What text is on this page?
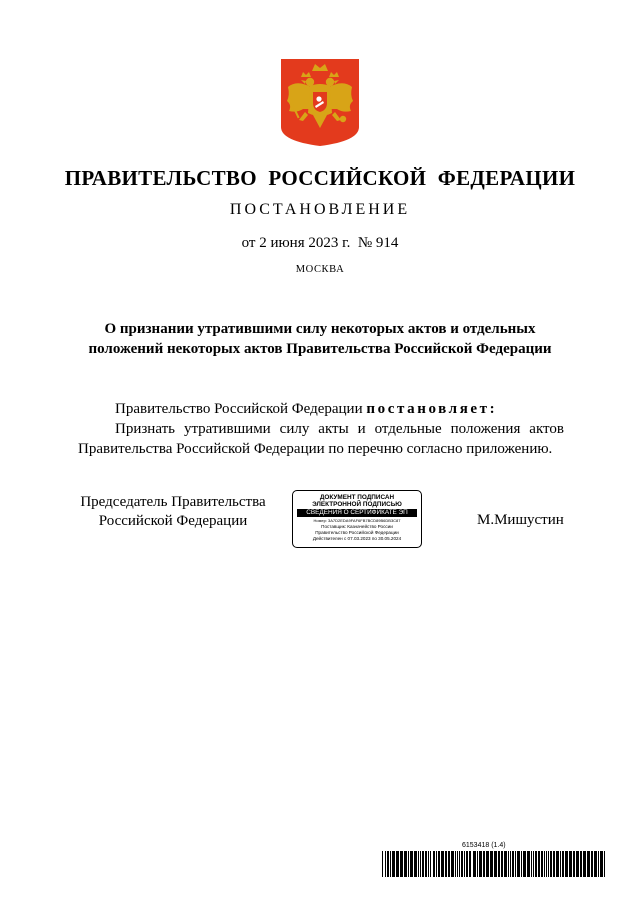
ПРАВИТЕЛЬСТВО РОССИЙСКОЙ ФЕДЕРАЦИИ
ПОСТАНОВЛЕНИЕ
от 2 июня 2023 г.  № 914
МОСКВА
О признании утратившими силу некоторых актов и отдельных
положений некоторых актов Правительства Российской Федерации
Правительство Российской Федерации постановляет:
Признать утратившими силу акты и отдельные положения актов
Правительства Российской Федерации по перечню согласно приложению.
Председатель Правительства
Российской Федерации
ДОКУМЕНТ ПОДПИСАН
ЭЛЕКТРОННОЙ ПОДПИСЬЮ
СВЕДЕНИЯ О СЕРТИФИКАТЕ ЭП
Номер: 3A7D2EDA9FAF6FB7BCD89B6DB3C87
Поставщик: Казначейство России
Правительство Российской Федерации
Действителен с 07.03.2023 по 30.05.2024
М.Мишустин
6153418 (1.4)
